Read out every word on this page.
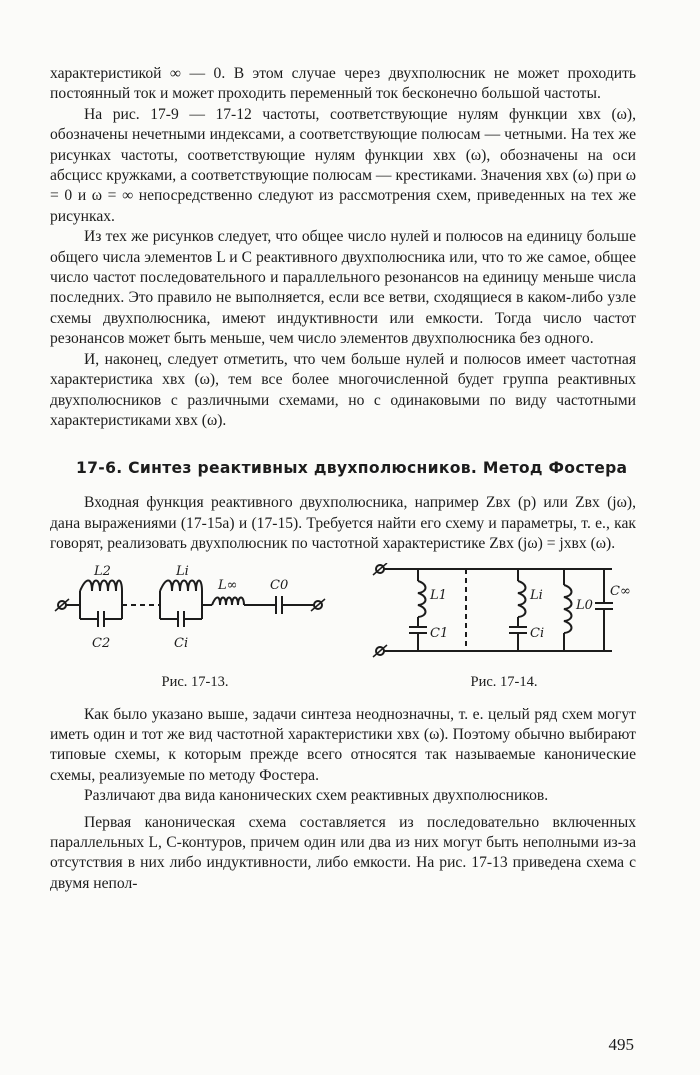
характеристикой ∞ — 0. В этом случае через двухполюсник не может проходить постоянный ток и может проходить переменный ток бесконечно большой частоты.

На рис. 17-9 — 17-12 частоты, соответствующие нулям функции xвх (ω), обозначены нечетными индексами, а соответствующие полюсам — четными. На тех же рисунках частоты, соответствующие нулям функции xвх (ω), обозначены на оси абсцисс кружками, а соответствующие полюсам — крестиками. Значения xвх (ω) при ω = 0 и ω = ∞ непосредственно следуют из рассмотрения схем, приведенных на тех же рисунках.

Из тех же рисунков следует, что общее число нулей и полюсов на единицу больше общего числа элементов L и C реактивного двухполюсника или, что то же самое, общее число частот последовательного и параллельного резонансов на единицу меньше числа последних. Это правило не выполняется, если все ветви, сходящиеся в каком-либо узле схемы двухполюсника, имеют индуктивности или емкости. Тогда число частот резонансов может быть меньше, чем число элементов двухполюсника без одного.

И, наконец, следует отметить, что чем больше нулей и полюсов имеет частотная характеристика xвх (ω), тем все более многочисленной будет группа реактивных двухполюсников с различными схемами, но с одинаковыми по виду частотными характеристиками xвх (ω).

17-6. Синтез реактивных двухполюсников. Метод Фостера

Входная функция реактивного двухполюсника, например Zвх (p) или Zвх (jω), дана выражениями (17-15а) и (17-15). Требуется найти его схему и параметры, т. е., как говорят, реализовать двухполюсник по частотной характеристике Zвх (jω) = jxвх (ω).

L2	Li
L∞	C0
C2	Ci
Рис. 17-13.
L1
C1
Li
Ci
L0
C∞
Рис. 17-14.

Как было указано выше, задачи синтеза неоднозначны, т. е. целый ряд схем могут иметь один и тот же вид частотной характеристики xвх (ω). Поэтому обычно выбирают типовые схемы, к которым прежде всего относятся так называемые канонические схемы, реализуемые по методу Фостера.

Различают два вида канонических схем реактивных двухполюсников.

Первая каноническая схема составляется из последовательно включенных параллельных L, C-контуров, причем один или два из них могут быть неполными из-за отсутствия в них либо индуктивности, либо емкости. На рис. 17-13 приведена схема с двумя непол-

495
